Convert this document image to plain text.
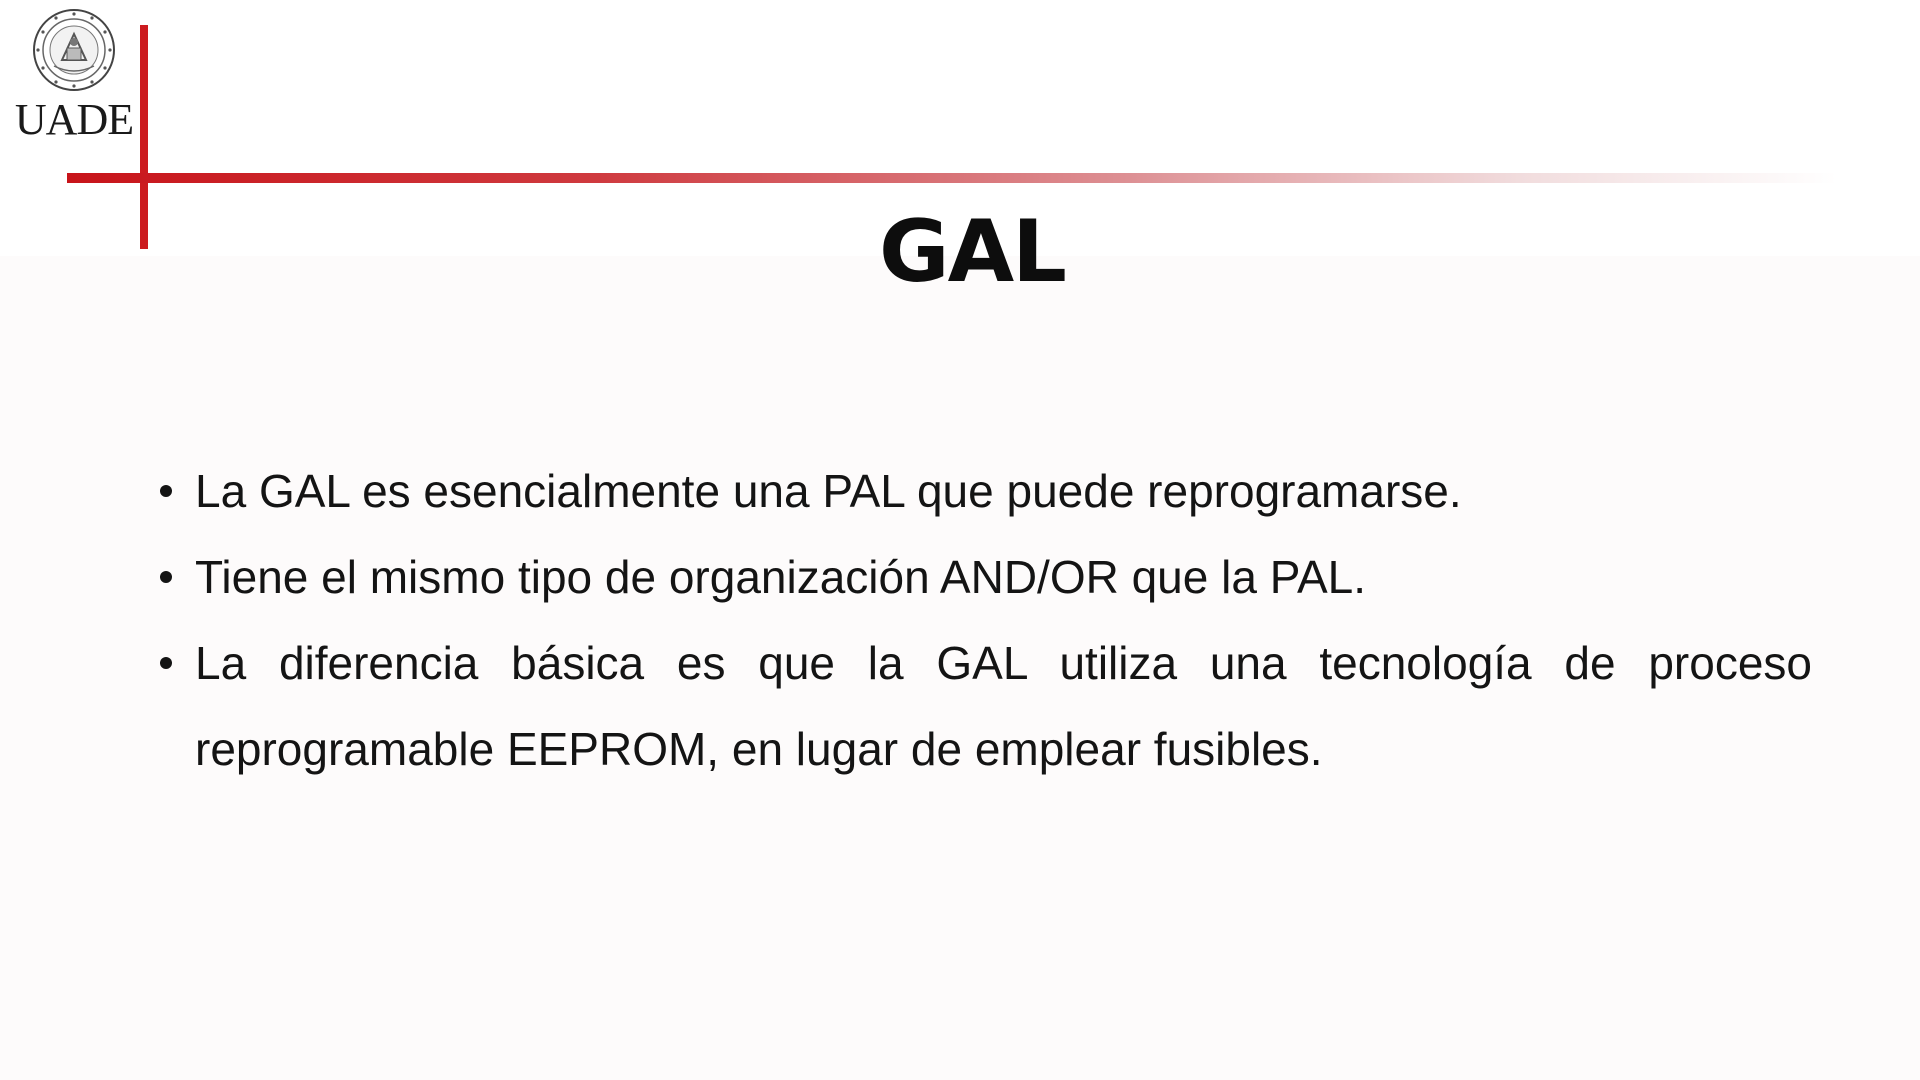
UADE
GAL
La GAL es esencialmente una PAL que puede reprogramarse.
Tiene el mismo tipo de organización AND/OR que la PAL.
La diferencia básica es que la GAL utiliza una tecnología de proceso reprogramable EEPROM, en lugar de emplear fusibles.
